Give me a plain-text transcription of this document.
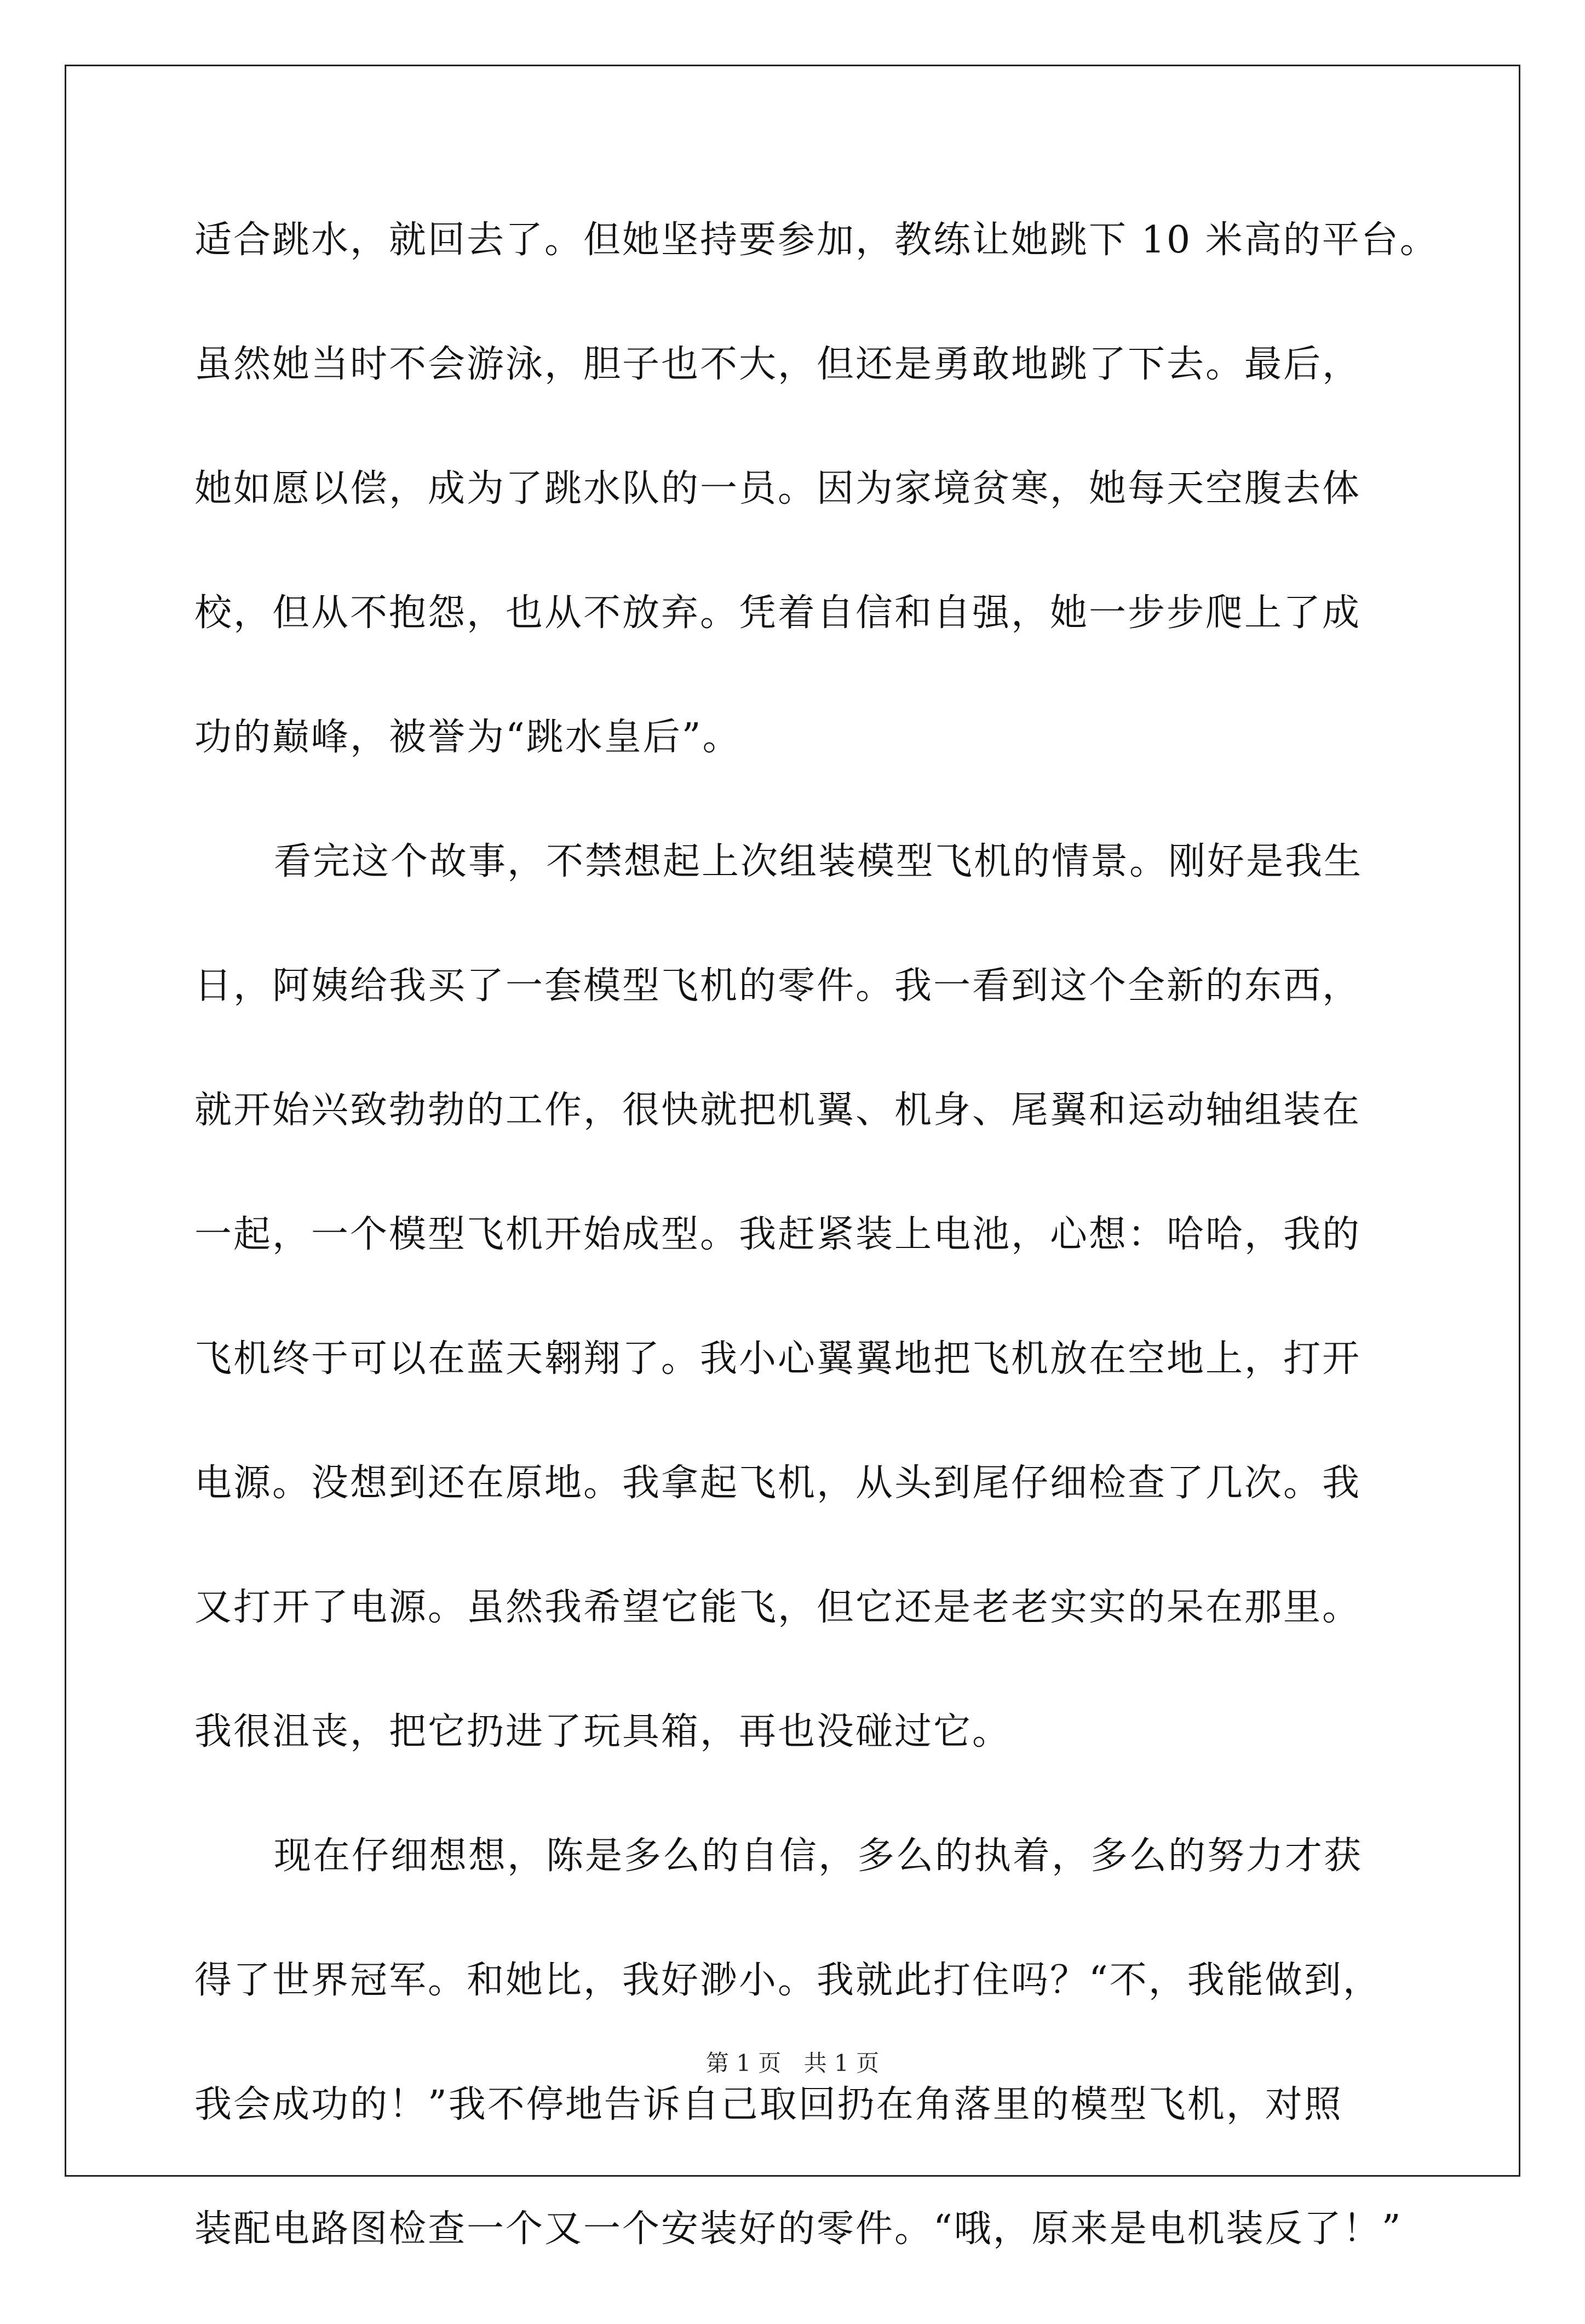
适合跳水，就回去了。但她坚持要参加，教练让她跳下 10 米高的平台。
虽然她当时不会游泳，胆子也不大，但还是勇敢地跳了下去。最后，
她如愿以偿，成为了跳水队的一员。因为家境贫寒，她每天空腹去体
校，但从不抱怨，也从不放弃。凭着自信和自强，她一步步爬上了成
功的巅峰，被誉为“跳水皇后”。
看完这个故事，不禁想起上次组装模型飞机的情景。刚好是我生
日，阿姨给我买了一套模型飞机的零件。我一看到这个全新的东西，
就开始兴致勃勃的工作，很快就把机翼、机身、尾翼和运动轴组装在
一起，一个模型飞机开始成型。我赶紧装上电池，心想：哈哈，我的
飞机终于可以在蓝天翱翔了。我小心翼翼地把飞机放在空地上，打开
电源。没想到还在原地。我拿起飞机，从头到尾仔细检查了几次。我
又打开了电源。虽然我希望它能飞，但它还是老老实实的呆在那里。
我很沮丧，把它扔进了玩具箱，再也没碰过它。
现在仔细想想，陈是多么的自信，多么的执着，多么的努力才获
得了世界冠军。和她比，我好渺小。我就此打住吗？“不，我能做到，
我会成功的！”我不停地告诉自己取回扔在角落里的模型飞机，对照
装配电路图检查一个又一个安装好的零件。“哦，原来是电机装反了！”
第 1 页 共 1 页
